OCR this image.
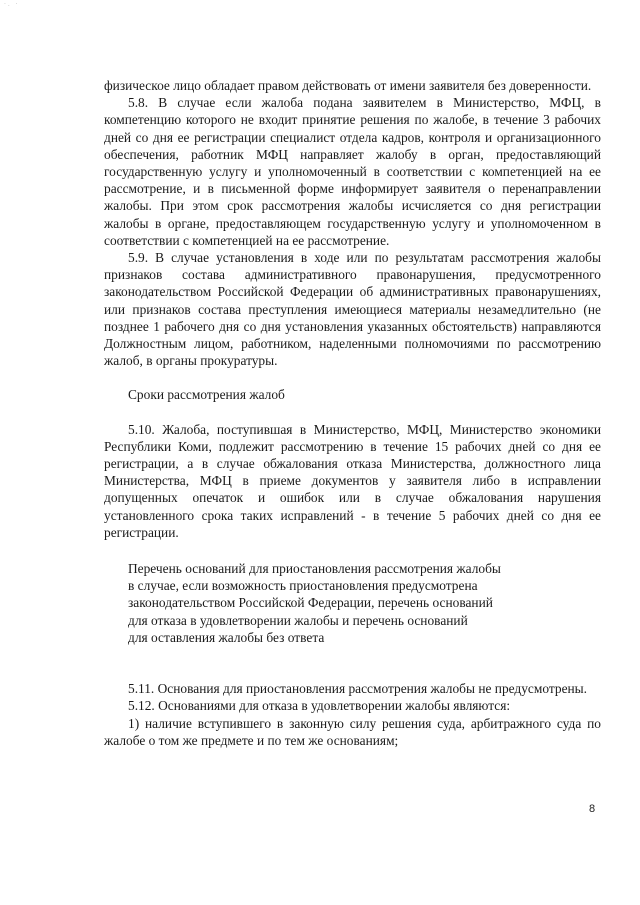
·. ·

физическое лицо обладает правом действовать от имени заявителя без доверенности.

5.8. В случае если жалоба подана заявителем в Министерство, МФЦ, в компетенцию которого не входит принятие решения по жалобе, в течение 3 рабочих дней со дня ее регистрации специалист отдела кадров, контроля и организационного обеспечения, работник МФЦ направляет жалобу в орган, предоставляющий государственную услугу и уполномоченный в соответствии с компетенцией на ее рассмотрение, и в письменной форме информирует заявителя о перенаправлении жалобы. При этом срок рассмотрения жалобы исчисляется со дня регистрации жалобы в органе, предоставляющем государственную услугу и уполномоченном в соответствии с компетенцией на ее рассмотрение.

5.9. В случае установления в ходе или по результатам рассмотрения жалобы признаков состава административного правонарушения, предусмотренного законодательством Российской Федерации об административных правонарушениях, или признаков состава преступления имеющиеся материалы незамедлительно (не позднее 1 рабочего дня со дня установления указанных обстоятельств) направляются Должностным лицом, работником, наделенными полномочиями по рассмотрению жалоб, в органы прокуратуры.

Сроки рассмотрения жалоб

5.10. Жалоба, поступившая в Министерство, МФЦ, Министерство экономики Республики Коми, подлежит рассмотрению в течение 15 рабочих дней со дня ее регистрации, а в случае обжалования отказа Министерства, должностного лица Министерства, МФЦ в приеме документов у заявителя либо в исправлении допущенных опечаток и ошибок или в случае обжалования нарушения установленного срока таких исправлений - в течение 5 рабочих дней со дня ее регистрации.

Перечень оснований для приостановления рассмотрения жалобы
в случае, если возможность приостановления предусмотрена
законодательством Российской Федерации, перечень оснований
для отказа в удовлетворении жалобы и перечень оснований
для оставления жалобы без ответа

5.11. Основания для приостановления рассмотрения жалобы не предусмотрены.

5.12. Основаниями для отказа в удовлетворении жалобы являются:

1) наличие вступившего в законную силу решения суда, арбитражного суда по жалобе о том же предмете и по тем же основаниям;

8
